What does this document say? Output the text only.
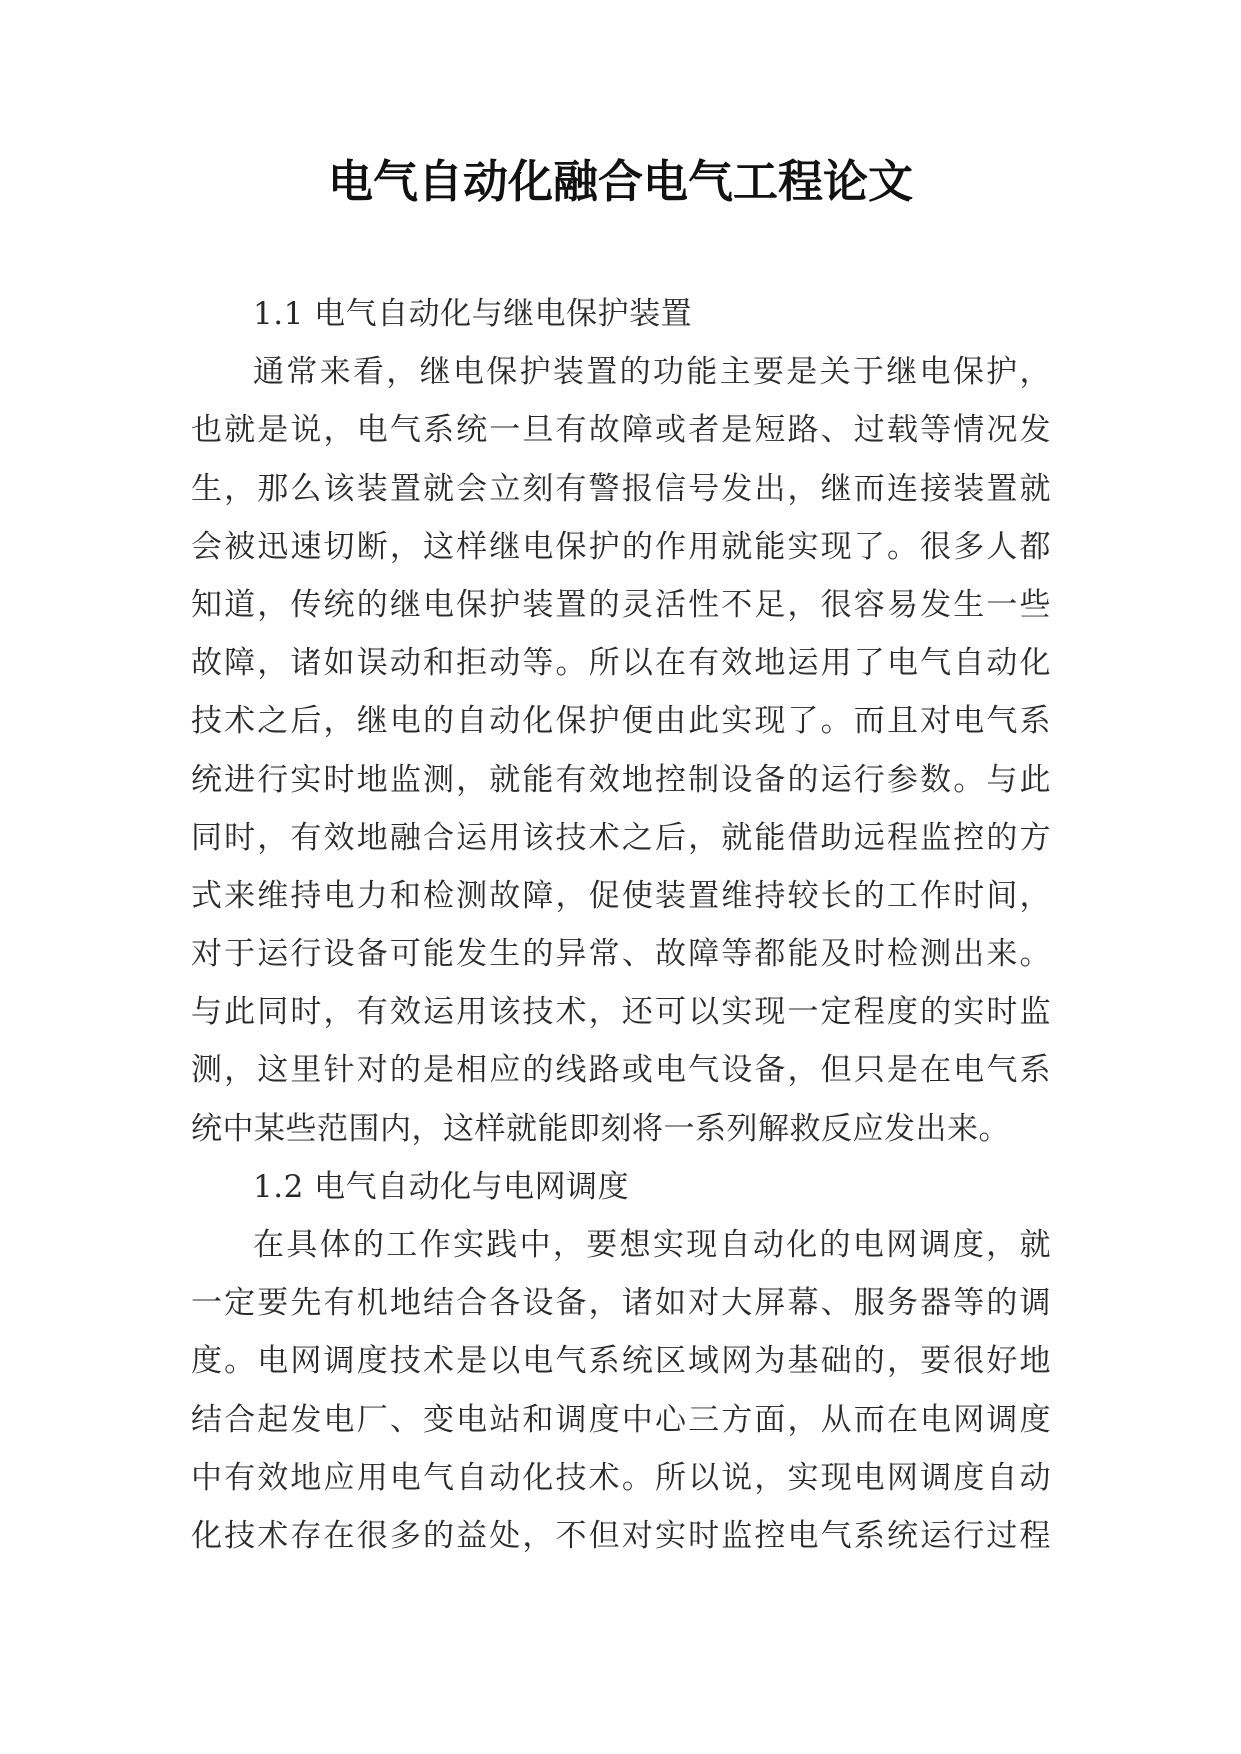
电气自动化融合电气工程论文
1.1 电气自动化与继电保护装置
通常来看，继电保护装置的功能主要是关于继电保护，
也就是说，电气系统一旦有故障或者是短路、过载等情况发
生，那么该装置就会立刻有警报信号发出，继而连接装置就
会被迅速切断，这样继电保护的作用就能实现了。很多人都
知道，传统的继电保护装置的灵活性不足，很容易发生一些
故障，诸如误动和拒动等。所以在有效地运用了电气自动化
技术之后，继电的自动化保护便由此实现了。而且对电气系
统进行实时地监测，就能有效地控制设备的运行参数。与此
同时，有效地融合运用该技术之后，就能借助远程监控的方
式来维持电力和检测故障，促使装置维持较长的工作时间，
对于运行设备可能发生的异常、故障等都能及时检测出来。
与此同时，有效运用该技术，还可以实现一定程度的实时监
测，这里针对的是相应的线路或电气设备，但只是在电气系
统中某些范围内，这样就能即刻将一系列解救反应发出来。
1.2 电气自动化与电网调度
在具体的工作实践中，要想实现自动化的电网调度，就
一定要先有机地结合各设备，诸如对大屏幕、服务器等的调
度。电网调度技术是以电气系统区域网为基础的，要很好地
结合起发电厂、变电站和调度中心三方面，从而在电网调度
中有效地应用电气自动化技术。所以说，实现电网调度自动
化技术存在很多的益处，不但对实时监控电气系统运行过程
